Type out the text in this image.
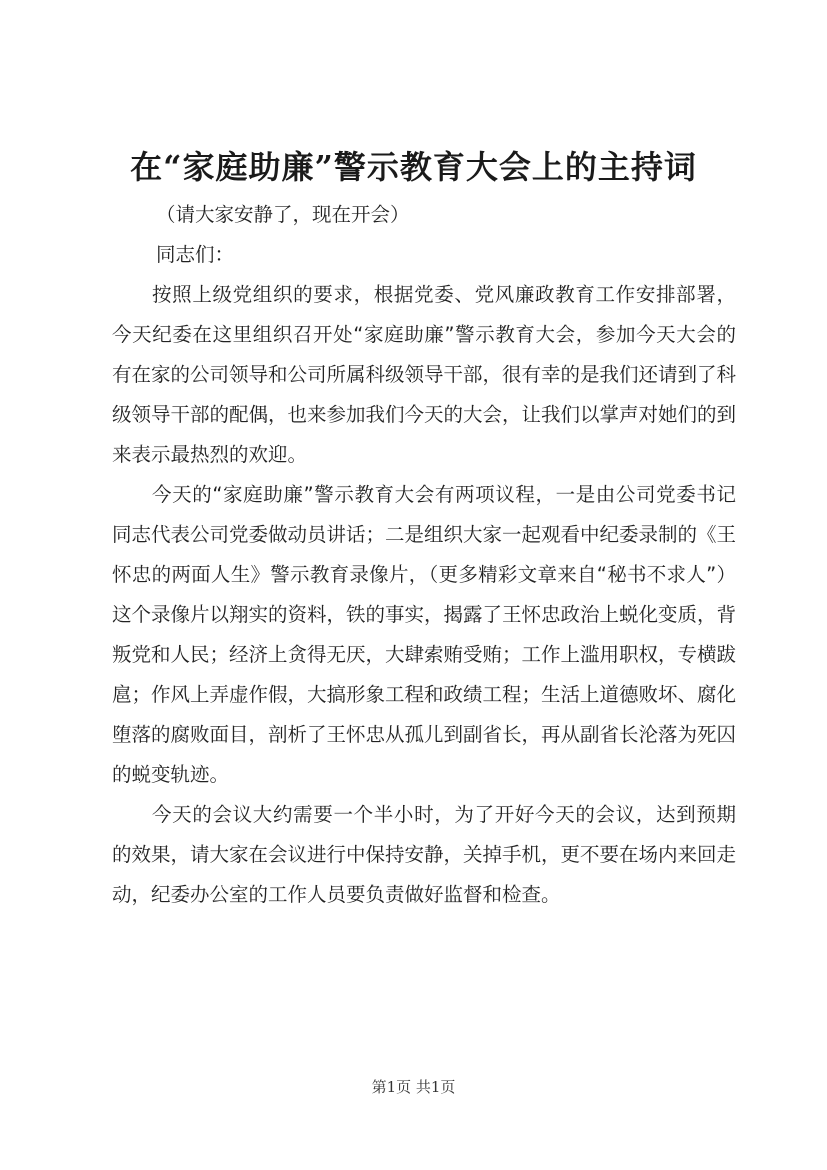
在“家庭助廉”警示教育大会上的主持词

（请大家安静了，现在开会）

同志们：

按照上级党组织的要求，根据党委、党风廉政教育工作安排部署，今天纪委在这里组织召开处“家庭助廉”警示教育大会，参加今天大会的有在家的公司领导和公司所属科级领导干部，很有幸的是我们还请到了科级领导干部的配偶，也来参加我们今天的大会，让我们以掌声对她们的到来表示最热烈的欢迎。

今天的“家庭助廉”警示教育大会有两项议程，一是由公司党委书记同志代表公司党委做动员讲话；二是组织大家一起观看中纪委录制的《王怀忠的两面人生》警示教育录像片，（更多精彩文章来自“秘书不求人”）这个录像片以翔实的资料，铁的事实，揭露了王怀忠政治上蜕化变质，背叛党和人民；经济上贪得无厌，大肆索贿受贿；工作上滥用职权，专横跋扈；作风上弄虚作假，大搞形象工程和政绩工程；生活上道德败坏、腐化堕落的腐败面目，剖析了王怀忠从孤儿到副省长，再从副省长沦落为死囚的蜕变轨迹。

今天的会议大约需要一个半小时，为了开好今天的会议，达到预期的效果，请大家在会议进行中保持安静，关掉手机，更不要在场内来回走动，纪委办公室的工作人员要负责做好监督和检查。

第1页 共1页
